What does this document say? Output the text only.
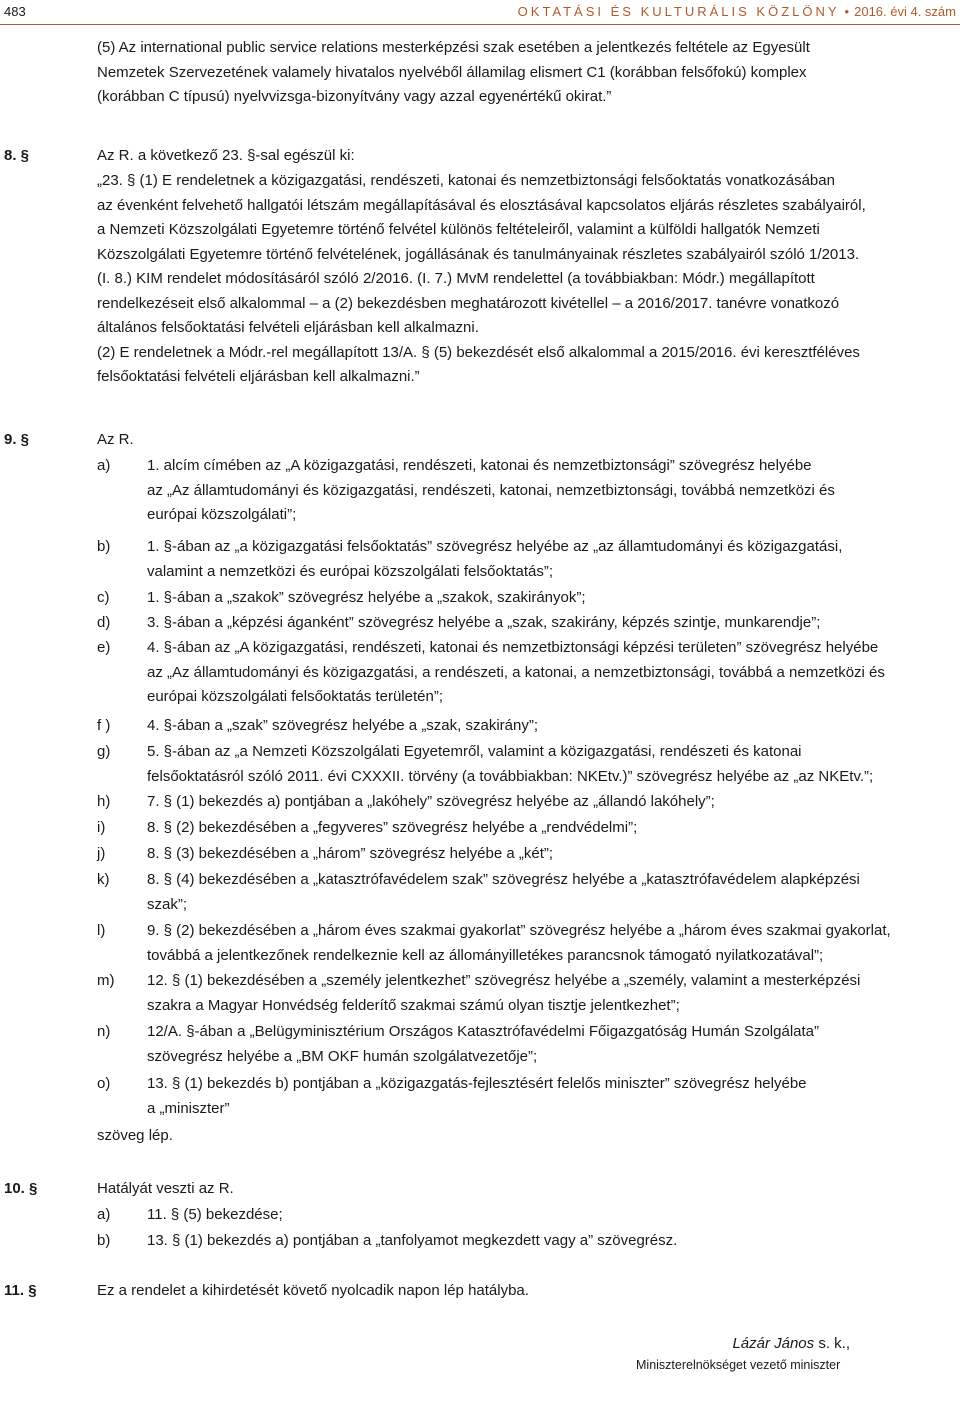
483	OKTATÁSI ÉS KULTURÁLIS KÖZLÖNY • 2016. évi 4. szám
(5) Az international public service relations mesterképzési szak esetében a jelentkezés feltétele az Egyesült
Nemzetek Szervezetének valamely hivatalos nyelvéből államilag elismert C1 (korábban felsőfokú) komplex
(korábban C típusú) nyelvvizsga-bizonyítvány vagy azzal egyenértékű okirat.”
8. §	Az R. a következő 23. §-sal egészül ki:
„23. § (1) E rendeletnek a közigazgatási, rendészeti, katonai és nemzetbiztonsági felsőoktatás vonatkozásában
az évenként felvehető hallgatói létszám megállapításával és elosztásával kapcsolatos eljárás részletes szabályairól,
a Nemzeti Közszolgálati Egyetemre történő felvétel különös feltételeiről, valamint a külföldi hallgatók Nemzeti
Közszolgálati Egyetemre történő felvételének, jogállásának és tanulmányainak részletes szabályairól szóló 1/2013.
(I. 8.) KIM rendelet módosításáról szóló 2/2016. (I. 7.) MvM rendelettel (a továbbiakban: Módr.) megállapított
rendelkezéseit első alkalommal – a (2) bekezdésben meghatározott kivétellel – a 2016/2017. tanévre vonatkozó
általános felsőoktatási felvételi eljárásban kell alkalmazni.
(2) E rendeletnek a Módr.-rel megállapított 13/A. § (5) bekezdését első alkalommal a 2015/2016. évi keresztféléves
felsőoktatási felvételi eljárásban kell alkalmazni.”
9. §	Az R.
a) 1. alcím címében az „A közigazgatási, rendészeti, katonai és nemzetbiztonsági” szövegrész helyébe
az „Az államtudományi és közigazgatási, rendészeti, katonai, nemzetbiztonsági, továbbá nemzetközi és
európai közszolgálati”;
b) 1. §-ában az „a közigazgatási felsőoktatás” szövegrész helyébe az „az államtudományi és közigazgatási,
valamint a nemzetközi és európai közszolgálati felsőoktatás”;
c)	1. §-ában a „szakok” szövegrész helyébe a „szakok, szakirányok”;
d) 3. §-ában a „képzési áganként” szövegrész helyébe a „szak, szakirány, képzés szintje, munkarendje”;
e) 4. §-ában az „A közigazgatási, rendészeti, katonai és nemzetbiztonsági képzési területen” szövegrész helyébe
az „Az államtudományi és közigazgatási, a rendészeti, a katonai, a nemzetbiztonsági, továbbá a nemzetközi és
európai közszolgálati felsőoktatás területén”;
f ) 4. §-ában a „szak” szövegrész helyébe a „szak, szakirány”;
g) 5. §-ában az „a Nemzeti Közszolgálati Egyetemről, valamint a közigazgatási, rendészeti és katonai
felsőoktatásról szóló 2011. évi CXXXII. törvény (a továbbiakban: NKEtv.)” szövegrész helyébe az „az NKEtv.”;
h) 7. § (1) bekezdés a) pontjában a „lakóhely” szövegrész helyébe az „állandó lakóhely”;
i)	8. § (2) bekezdésében a „fegyveres” szövegrész helyébe a „rendvédelmi”;
j)	8. § (3) bekezdésében a „három” szövegrész helyébe a „két”;
k)	8. § (4) bekezdésében a „katasztrófavédelem szak” szövegrész helyébe a „katasztrófavédelem alapképzési
szak”;
l)	9. § (2) bekezdésében a „három éves szakmai gyakorlat” szövegrész helyébe a „három éves szakmai gyakorlat,
továbbá a jelentkezőnek rendelkeznie kell az állományilletékes parancsnok támogató nyilatkozatával”;
m) 12. § (1) bekezdésében a „személy jelentkezhet” szövegrész helyébe a „személy, valamint a mesterképzési
szakra a Magyar Honvédség felderítő szakmai számú olyan tisztje jelentkezhet”;
n) 12/A. §-ában a „Belügyminisztérium Országos Katasztrófavédelmi Főigazgatóság Humán Szolgálata”
szövegrész helyébe a „BM OKF humán szolgálatvezetője”;
o) 13. § (1) bekezdés b) pontjában a „közigazgatás-fejlesztésért felelős miniszter” szövegrész helyébe
a „miniszter”
szöveg lép.
10. §	Hatályát veszti az R.
a) 11. § (5) bekezdése;
b) 13. § (1) bekezdés a) pontjában a „tanfolyamot megkezdett vagy a” szövegrész.
11. §	Ez a rendelet a kihirdetését követő nyolcadik napon lép hatályba.
Lázár János s. k.,
Miniszterelnökséget vezető miniszter
